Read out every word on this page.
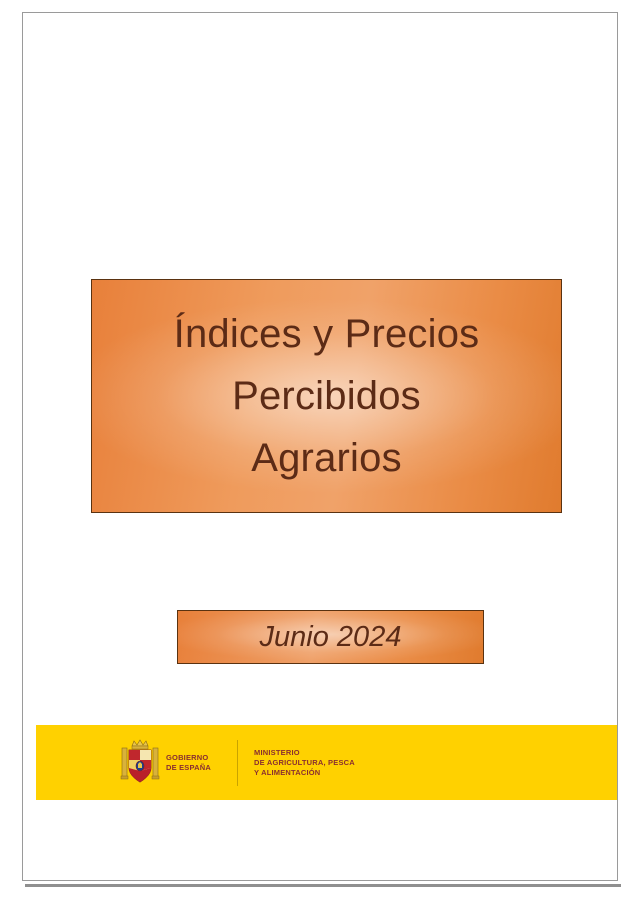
Índices y Precios
Percibidos
Agrarios
Junio 2024
GOBIERNO
DE ESPAÑA
MINISTERIO
DE AGRICULTURA, PESCA
Y ALIMENTACIÓN
